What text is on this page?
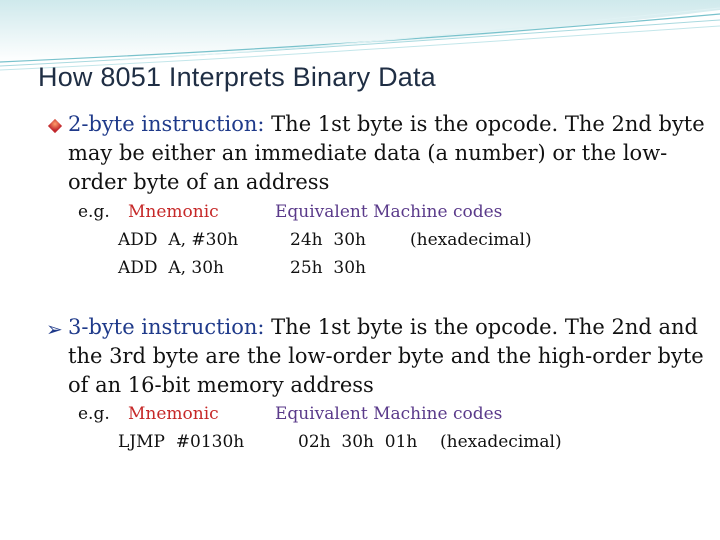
How 8051 Interprets Binary Data
2-byte instruction: The 1st byte is the opcode. The 2nd byte may be either an immediate data (a number) or the low-order byte of an address
e.g. Mnemonic	Equivalent Machine codes
ADD  A, #30h	24h  30h	(hexadecimal)
ADD  A, 30h	25h  30h
➢ 3-byte instruction: The 1st byte is the opcode. The 2nd and the 3rd byte are the low-order byte and the high-order byte of an 16-bit memory address
e.g. Mnemonic	Equivalent Machine codes
LJMP  #0130h	02h  30h  01h (hexadecimal)
